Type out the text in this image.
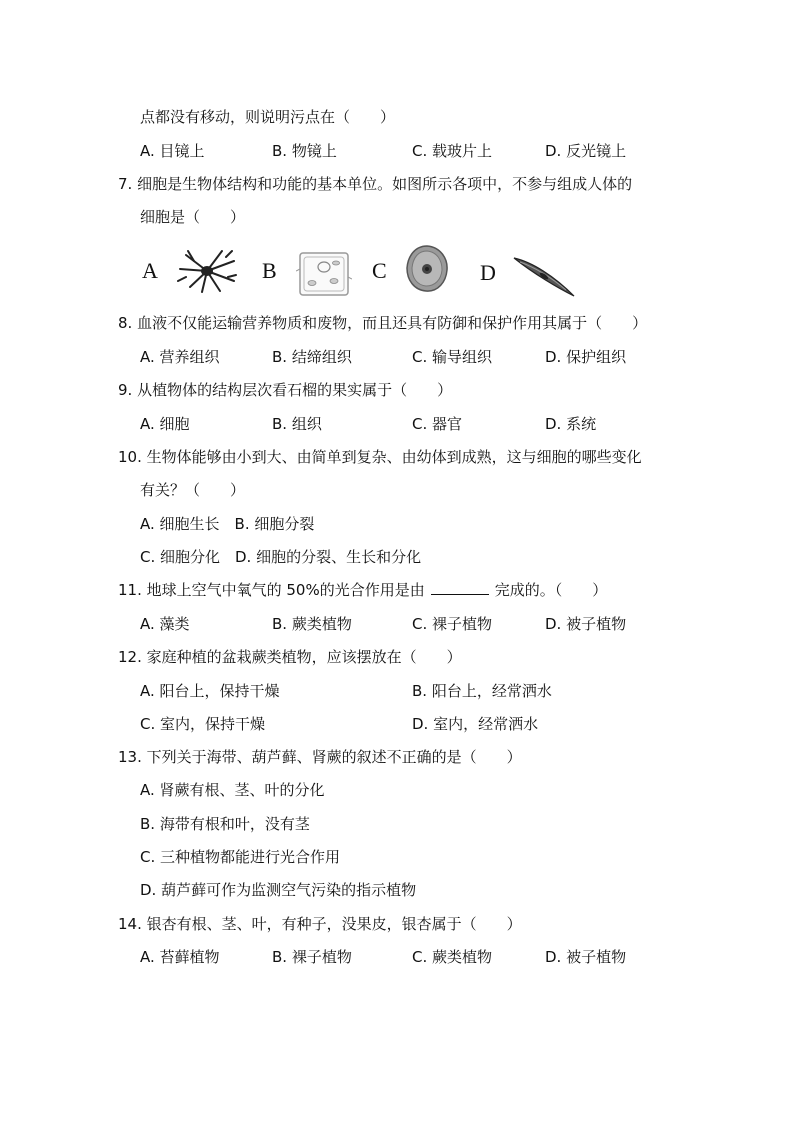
点都没有移动，则说明污点在（　　）
A. 目镜上	B. 物镜上	C. 载玻片上	D. 反光镜上
7. 细胞是生物体结构和功能的基本单位。如图所示各项中，不参与组成人体的
细胞是（　　）
A	B	C	D
8. 血液不仅能运输营养物质和废物，而且还具有防御和保护作用其属于（　　）
A. 营养组织	B. 结缔组织	C. 输导组织	D. 保护组织
9. 从植物体的结构层次看石榴的果实属于（　　）
A. 细胞	B. 组织	C. 器官	D. 系统
10. 生物体能够由小到大、由简单到复杂、由幼体到成熟，这与细胞的哪些变化
有关？（　　）
A. 细胞生长　B. 细胞分裂
C. 细胞分化　D. 细胞的分裂、生长和分化
11. 地球上空气中氧气的 50%的光合作用是由	完成的。（　　）
A. 藻类	B. 蕨类植物	C. 裸子植物	D. 被子植物
12. 家庭种植的盆栽蕨类植物，应该摆放在（　　）
A. 阳台上，保持干燥	B. 阳台上，经常洒水
C. 室内，保持干燥	D. 室内，经常洒水
13. 下列关于海带、葫芦藓、肾蕨的叙述不正确的是（　　）
A. 肾蕨有根、茎、叶的分化
B. 海带有根和叶，没有茎
C. 三种植物都能进行光合作用
D. 葫芦藓可作为监测空气污染的指示植物
14. 银杏有根、茎、叶，有种子，没果皮，银杏属于（　　）
A. 苔藓植物	B. 裸子植物	C. 蕨类植物	D. 被子植物
